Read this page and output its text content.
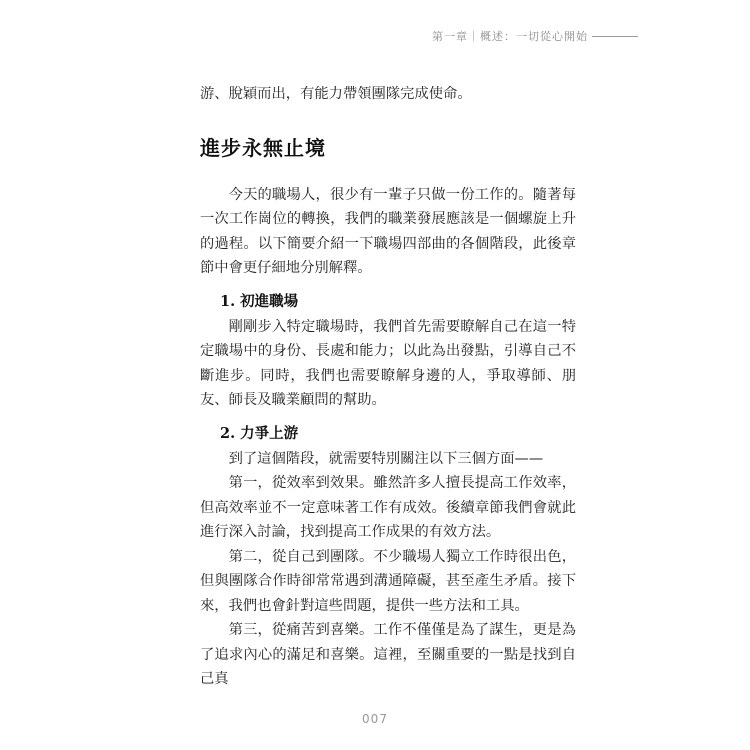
第一章｜概述：一切從心開始

游、脫穎而出，有能力帶領團隊完成使命。

進步永無止境

今天的職場人，很少有一輩子只做一份工作的。隨著每一次工作崗位的轉換，我們的職業發展應該是一個螺旋上升的過程。以下簡要介紹一下職場四部曲的各個階段，此後章節中會更仔細地分別解釋。

1. 初進職場

剛剛步入特定職場時，我們首先需要瞭解自己在這一特定職場中的身份、長處和能力；以此為出發點，引導自己不斷進步。同時，我們也需要瞭解身邊的人，爭取導師、朋友、師長及職業顧問的幫助。

2. 力爭上游

到了這個階段，就需要特別關注以下三個方面——

第一，從效率到效果。雖然許多人擅長提高工作效率，但高效率並不一定意味著工作有成效。後續章節我們會就此進行深入討論，找到提高工作成果的有效方法。

第二，從自己到團隊。不少職場人獨立工作時很出色，但與團隊合作時卻常常遇到溝通障礙，甚至產生矛盾。接下來，我們也會針對這些問題，提供一些方法和工具。

第三，從痛苦到喜樂。工作不僅僅是為了謀生，更是為了追求內心的滿足和喜樂。這裡，至關重要的一點是找到自己真

007
